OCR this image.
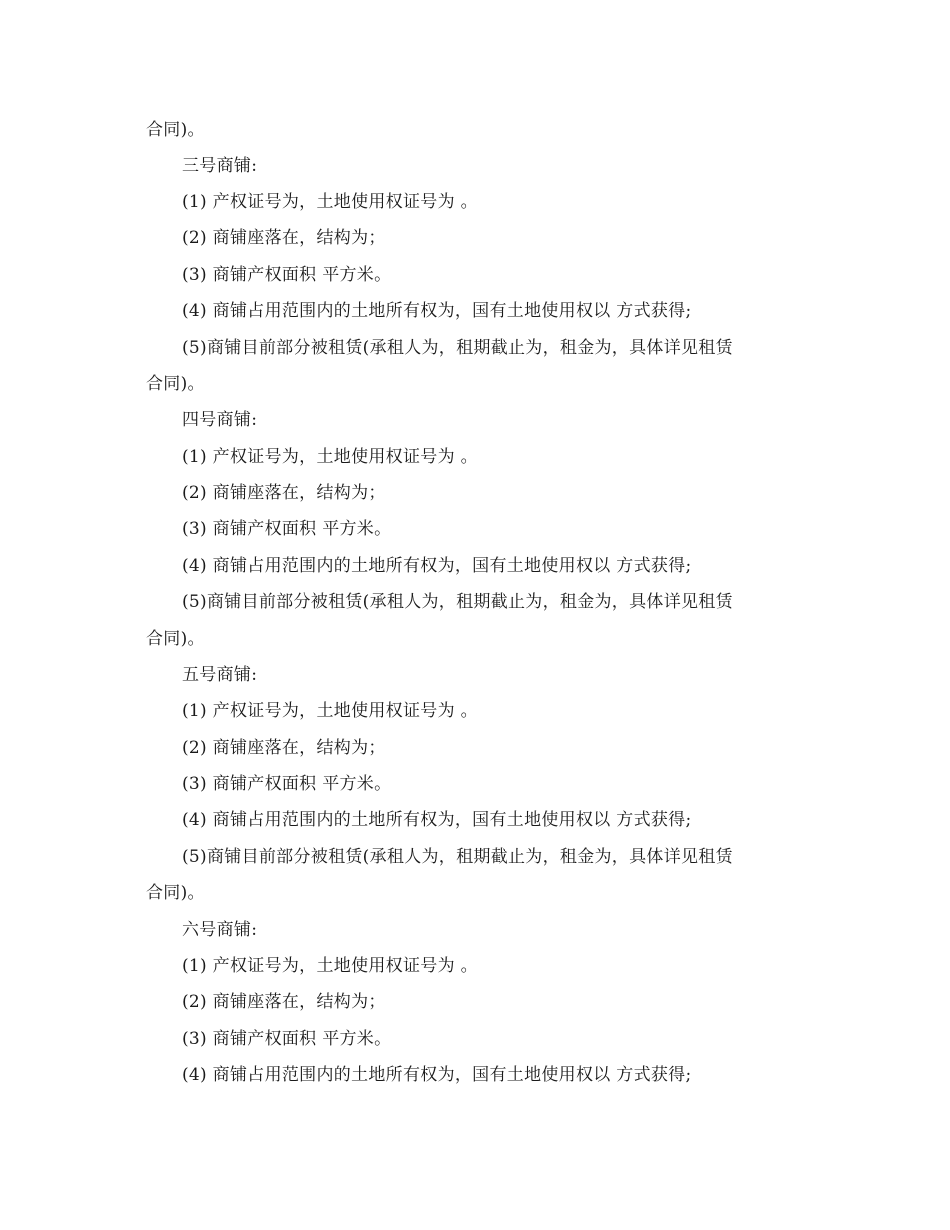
合同)。
三号商铺:
(1) 产权证号为，土地使用权证号为 。
(2) 商铺座落在，结构为；
(3) 商铺产权面积 平方米。
(4) 商铺占用范围内的土地所有权为，国有土地使用权以 方式获得;
(5)商铺目前部分被租赁(承租人为，租期截止为，租金为，具体详见租赁
合同)。
四号商铺:
(1) 产权证号为，土地使用权证号为 。
(2) 商铺座落在，结构为；
(3) 商铺产权面积 平方米。
(4) 商铺占用范围内的土地所有权为，国有土地使用权以 方式获得;
(5)商铺目前部分被租赁(承租人为，租期截止为，租金为，具体详见租赁
合同)。
五号商铺:
(1) 产权证号为，土地使用权证号为 。
(2) 商铺座落在，结构为；
(3) 商铺产权面积 平方米。
(4) 商铺占用范围内的土地所有权为，国有土地使用权以 方式获得;
(5)商铺目前部分被租赁(承租人为，租期截止为，租金为，具体详见租赁
合同)。
六号商铺:
(1) 产权证号为，土地使用权证号为 。
(2) 商铺座落在，结构为；
(3) 商铺产权面积 平方米。
(4) 商铺占用范围内的土地所有权为，国有土地使用权以 方式获得;
